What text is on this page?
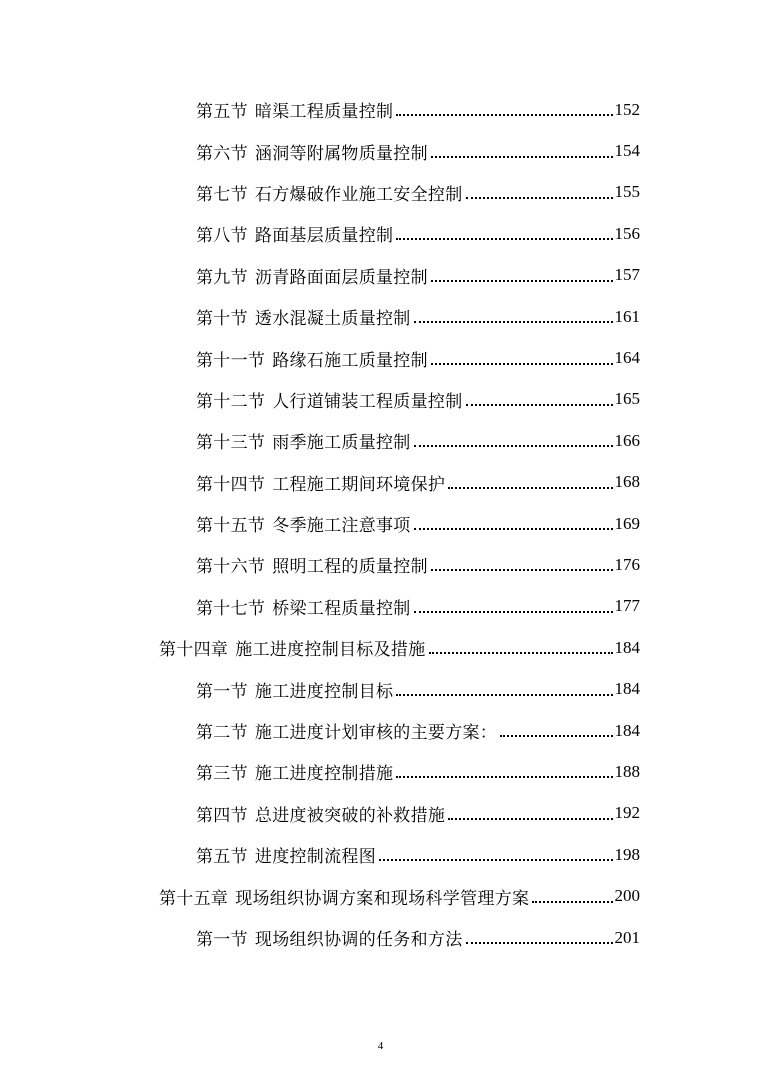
第五节 暗渠工程质量控制	152
第六节 涵洞等附属物质量控制	154
第七节 石方爆破作业施工安全控制	155
第八节 路面基层质量控制	156
第九节 沥青路面面层质量控制	157
第十节 透水混凝土质量控制	161
第十一节 路缘石施工质量控制	164
第十二节 人行道铺装工程质量控制	165
第十三节 雨季施工质量控制	166
第十四节 工程施工期间环境保护	168
第十五节 冬季施工注意事项	169
第十六节 照明工程的质量控制	176
第十七节 桥梁工程质量控制	177
第十四章 施工进度控制目标及措施	184
第一节 施工进度控制目标	184
第二节 施工进度计划审核的主要方案：	184
第三节 施工进度控制措施	188
第四节 总进度被突破的补救措施	192
第五节 进度控制流程图	198
第十五章 现场组织协调方案和现场科学管理方案	200
第一节 现场组织协调的任务和方法	201
4
